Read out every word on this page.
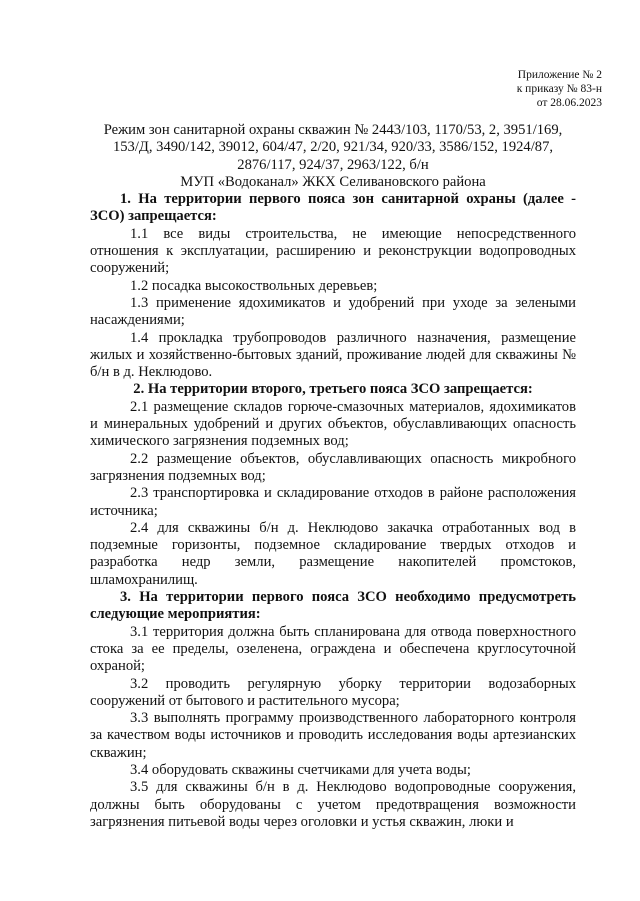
Приложение № 2
к приказу № 83-н
от 28.06.2023

Режим зон санитарной охраны скважин № 2443/103, 1170/53, 2, 3951/169,
153/Д, 3490/142, 39012, 604/47, 2/20, 921/34, 920/33, 3586/152, 1924/87,
2876/117, 924/37, 2963/122, б/н

МУП «Водоканал» ЖКХ Селивановского района

1. На территории первого пояса зон санитарной охраны (далее - ЗСО) запрещается:

1.1 все виды строительства, не имеющие непосредственного отношения к эксплуатации, расширению и реконструкции водопроводных сооружений;

1.2 посадка высокоствольных деревьев;

1.3 применение ядохимикатов и удобрений при уходе за зелеными насаждениями;

1.4 прокладка трубопроводов различного назначения, размещение жилых и хозяйственно-бытовых зданий, проживание людей для скважины № б/н в д. Неклюдово.

2. На территории второго, третьего пояса ЗСО запрещается:

2.1 размещение складов горюче-смазочных материалов, ядохимикатов и минеральных удобрений и других объектов, обуславливающих опасность химического загрязнения подземных вод;

2.2 размещение объектов, обуславливающих опасность микробного загрязнения подземных вод;

2.3 транспортировка и складирование отходов в районе расположения источника;

2.4 для скважины б/н д. Неклюдово закачка отработанных вод в подземные горизонты, подземное складирование твердых отходов и разработка недр земли, размещение накопителей промстоков, шламохранилищ.

3. На территории первого пояса ЗСО необходимо предусмотреть следующие мероприятия:

3.1 территория должна быть спланирована для отвода поверхностного стока за ее пределы, озеленена, ограждена и обеспечена круглосуточной охраной;

3.2 проводить регулярную уборку территории водозаборных сооружений от бытового и растительного мусора;

3.3 выполнять программу производственного лабораторного контроля за качеством воды источников и проводить исследования воды артезианских скважин;

3.4 оборудовать скважины счетчиками для учета воды;

3.5 для скважины б/н в д. Неклюдово водопроводные сооружения, должны быть оборудованы с учетом предотвращения возможности загрязнения питьевой воды через оголовки и устья скважин, люки и
